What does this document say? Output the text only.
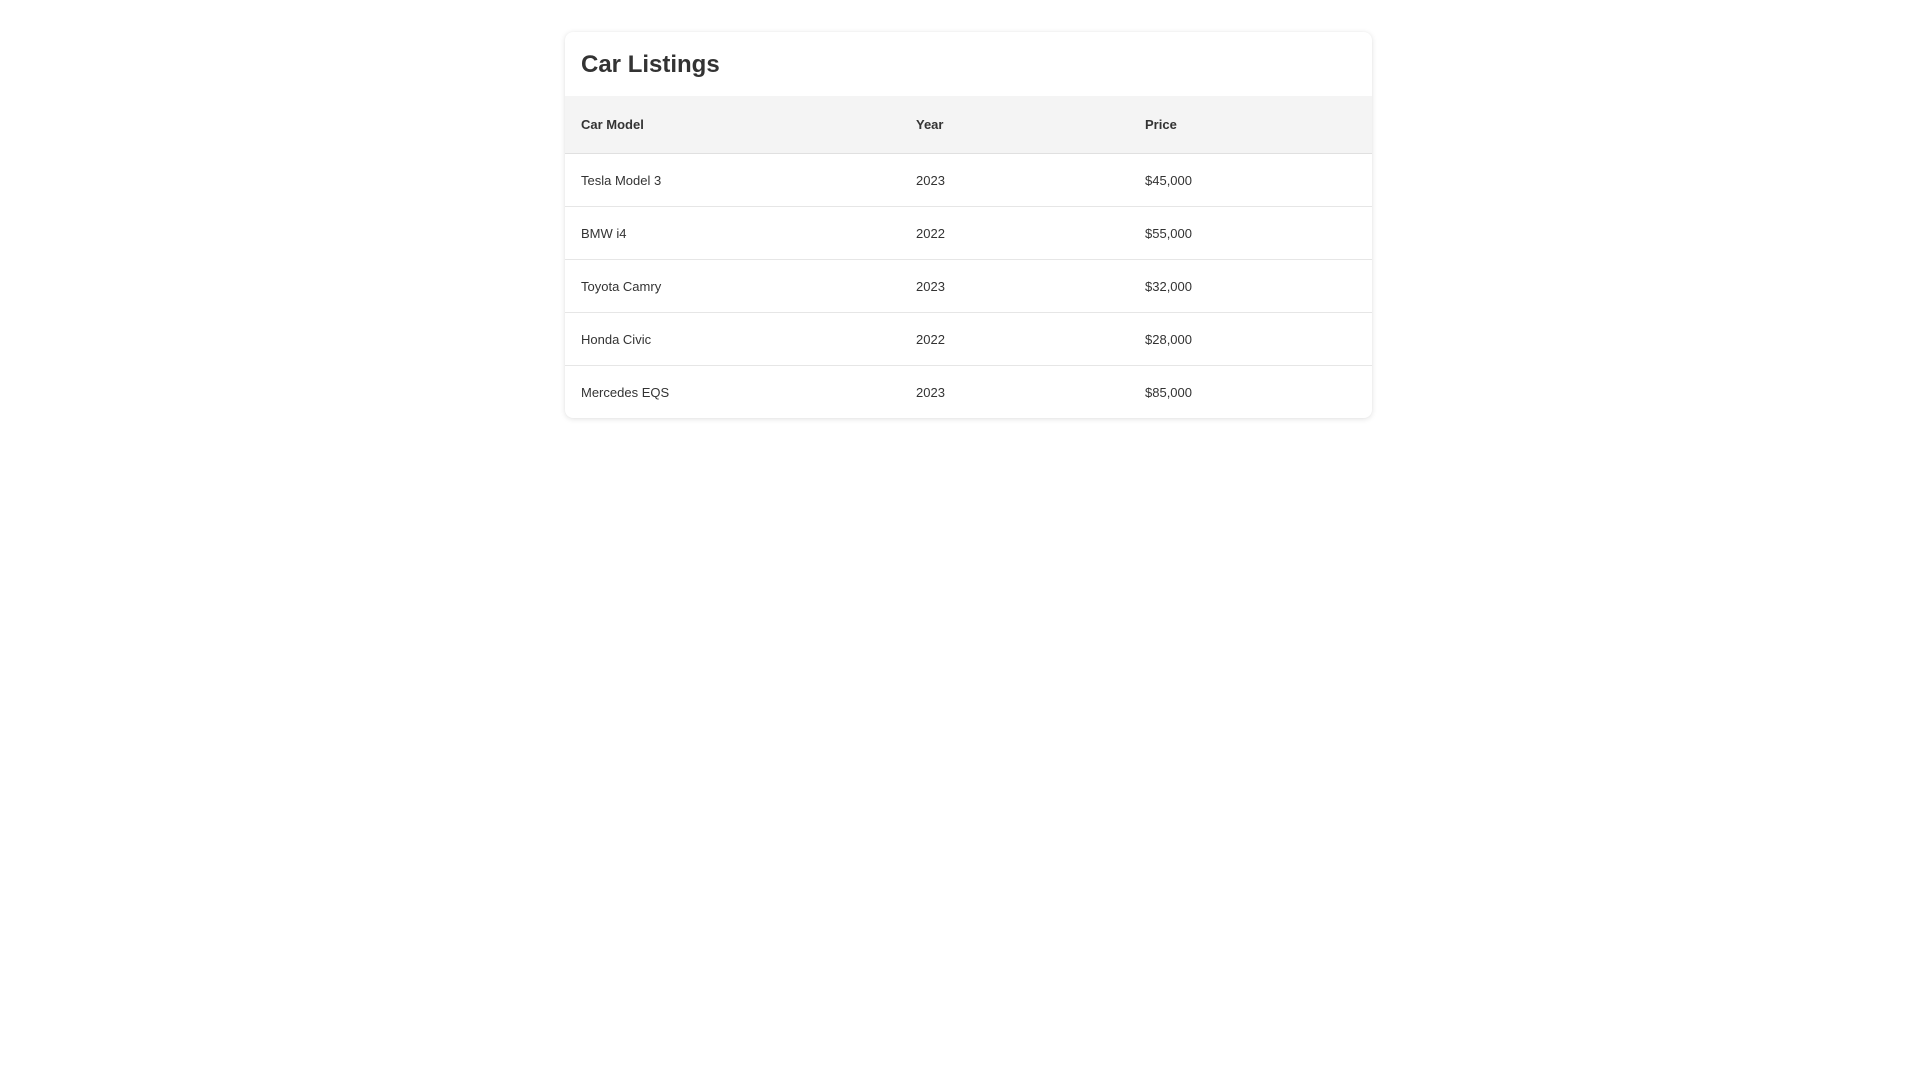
Car Listings
Car Model	Year	Price
Tesla Model 3	2023	$45,000
BMW i4	2022	$55,000
Toyota Camry	2023	$32,000
Honda Civic	2022	$28,000
Mercedes EQS	2023	$85,000
